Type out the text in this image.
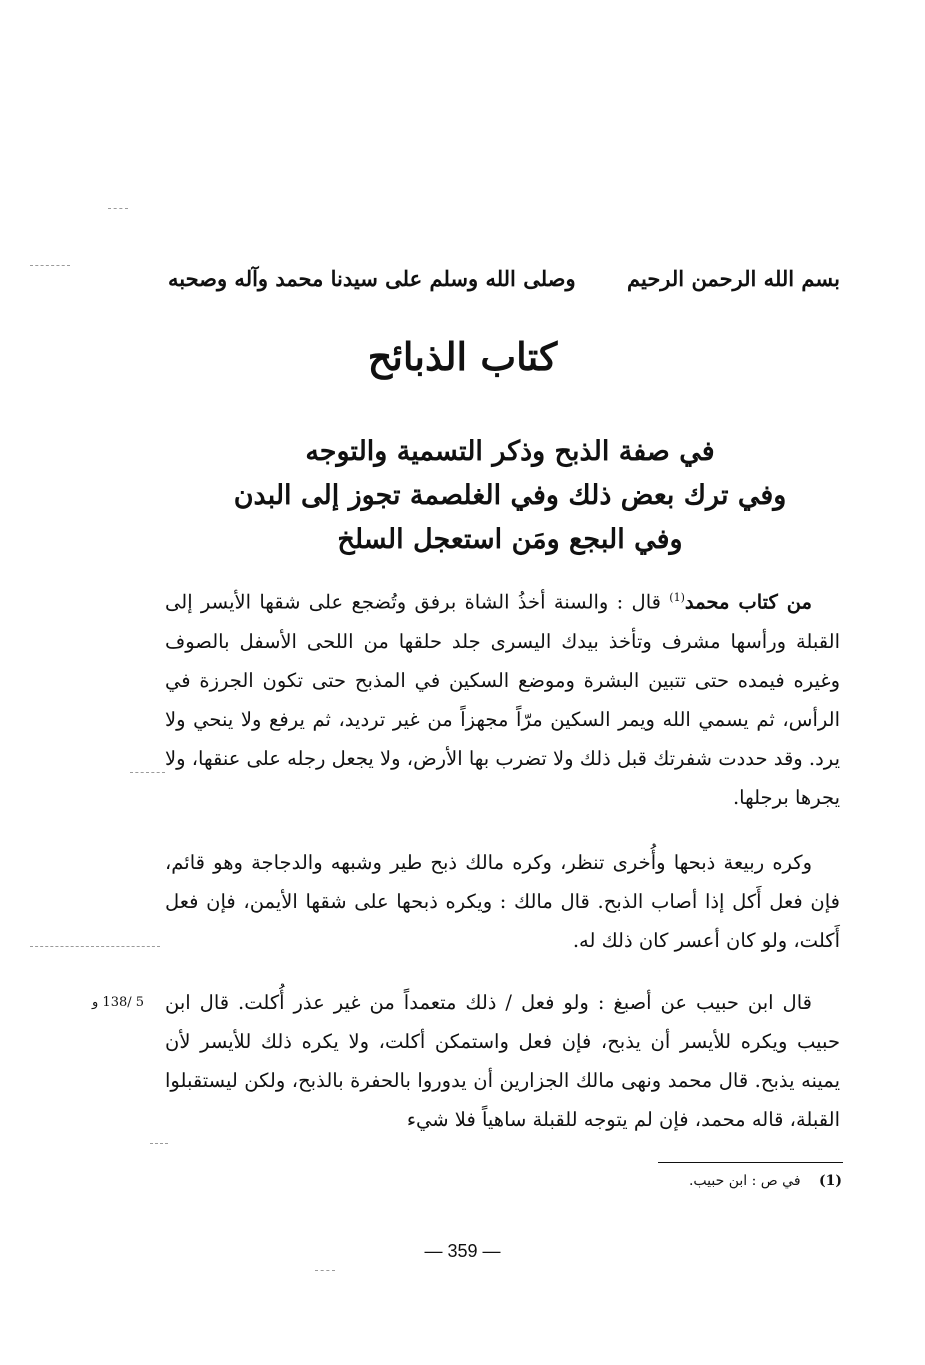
بسم الله الرحمن الرحيم
وصلى الله وسلم على سيدنا محمد وآله وصحبه
كتاب الذبائح
في صفة الذبح وذكر التسمية والتوجه
وفي ترك بعض ذلك وفي الغلصمة تجوز إلى البدن
وفي البجع ومَن استعجل السلخ

من كتاب محمد$^{(1)}$ قال : والسنة أخذُ الشاة برفق وتُضجع على شقها الأيسر إلى القبلة ورأسها مشرف وتأخذ بيدك اليسرى جلد حلقها من اللحى الأسفل بالصوف وغيره فيمده حتى تتبين البشرة وموضع السكين في المذبح حتى تكون الجرزة في الرأس، ثم يسمي الله ويمر السكين مرّاً مجهزاً من غير ترديد، ثم يرفع ولا ينحي ولا يرد. وقد حددت شفرتك قبل ذلك ولا تضرب بها الأرض، ولا يجعل رجله على عنقها، ولا يجرها برجلها.

وكره ربيعة ذبحها وأُخرى تنظر، وكره مالك ذبح طير وشبهه والدجاجة وهو قائم، فإن فعل أَكل إذا أصاب الذبح. قال مالك : ويكره ذبحها على شقها الأيمن، فإن فعل أَكلت، ولو كان أعسر كان ذلك له.

5 /138 و	قال ابن حبيب عن أصبغ : ولو فعل / ذلك متعمداً من غير عذر أُكلت. قال ابن حبيب ويكره للأيسر أن يذبح، فإن فعل واستمكن أكلت، ولا يكره ذلك للأيسر لأن يمينه يذبح. قال محمد ونهى مالك الجزارين أن يدوروا بالحفرة بالذبح، ولكن ليستقبلوا القبلة، قاله محمد، فإن لم يتوجه للقبلة ساهياً فلا شيء

(1) في ص : ابن حبيب.
— 359 —
